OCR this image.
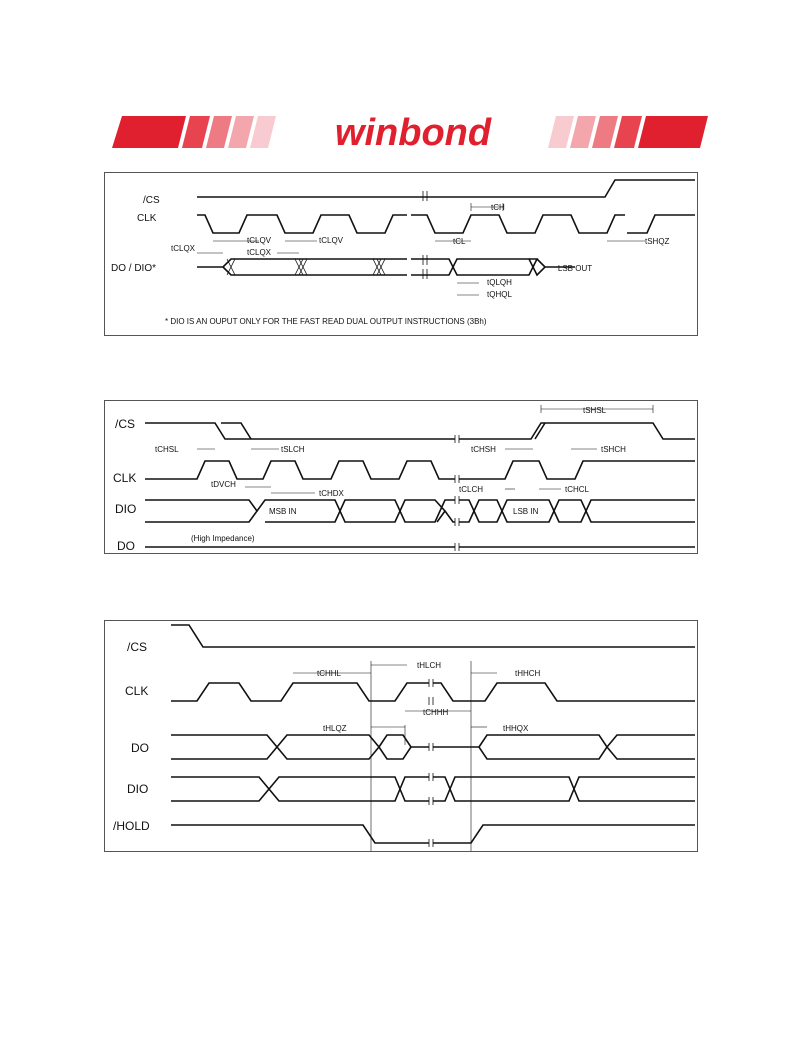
winbond
/CS
CLK
DO / DIO*	LSB OUT
tCH
tCLQV	tCLQV
tCLQX	tCLQX
tCL	tSHQZ
tQLQH
tQHQL
* DIO IS AN OUPUT ONLY FOR THE FAST READ DUAL OUTPUT INSTRUCTIONS (3Bh)
/CS
CLK
DIO
DO
MSB IN	LSB IN
(High Impedance)
tSHSL
tCHSL	tSLCH	tCHSH	tSHCH
tDVCH
tCHDX	tCLCH	tCHCL
/CS
CLK
DO
DIO
/HOLD
tCHHL
tHLCH
tHHCH
tCHHH
tHLQZ	tHHQX
